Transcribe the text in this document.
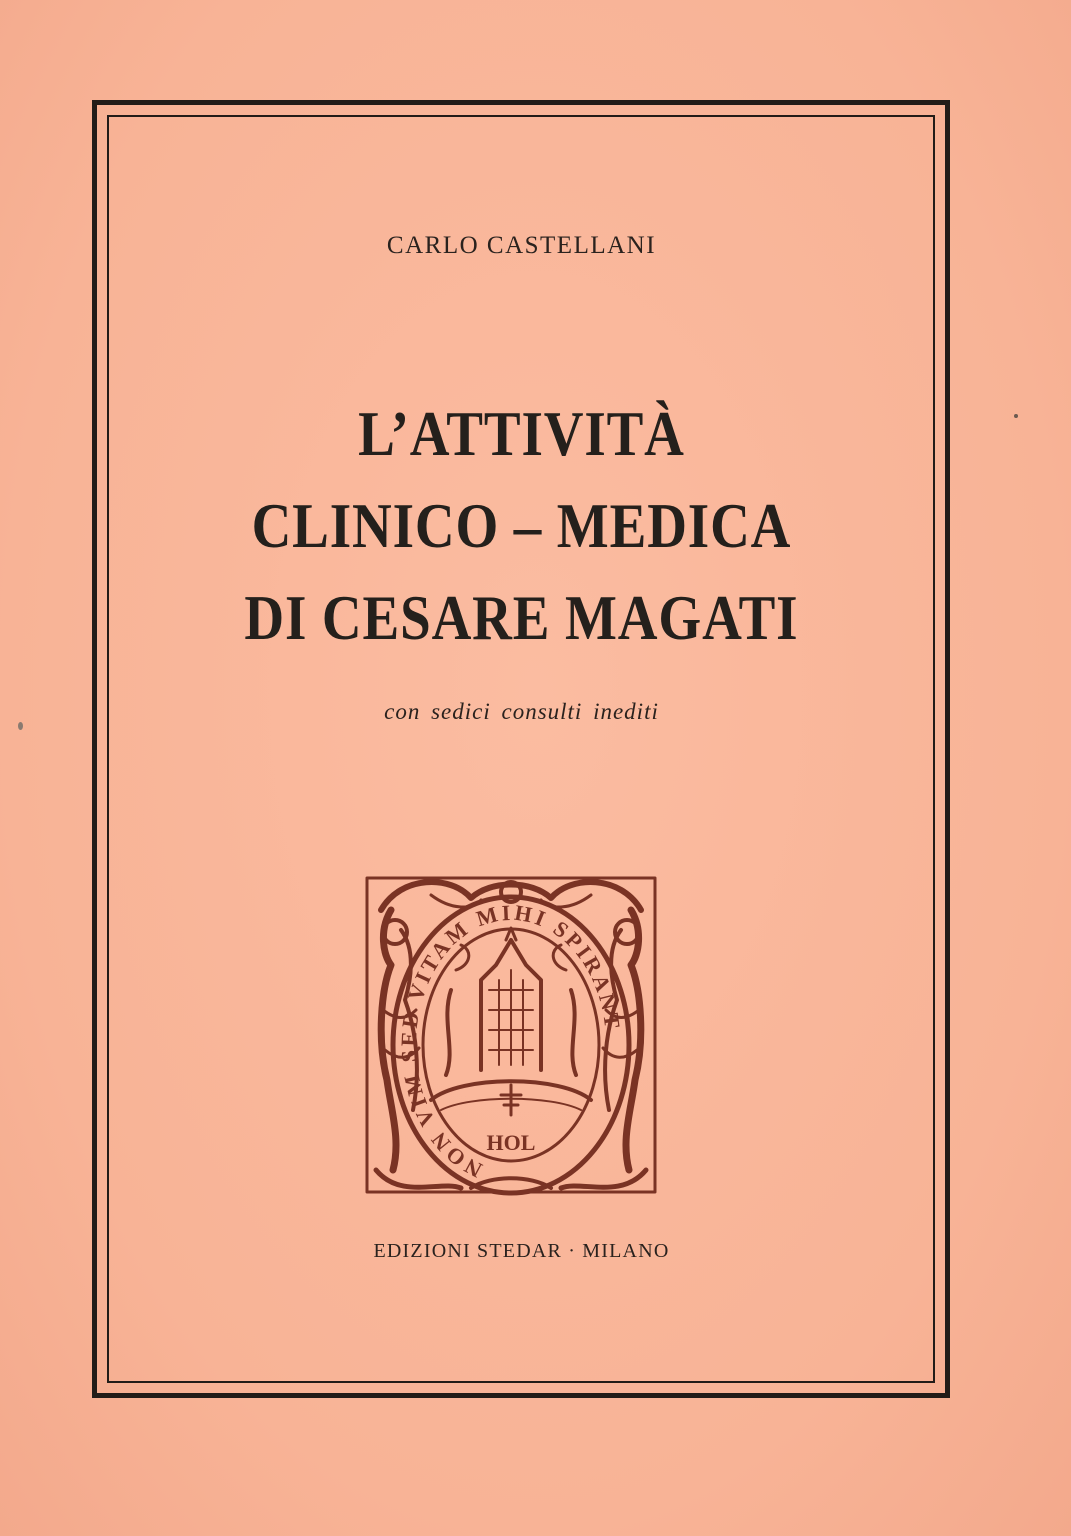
CARLO CASTELLANI
L’ATTIVITÀ
CLINICO – MEDICA
DI CESARE MAGATI
con sedici consulti inediti
NON VIM SED VITAM MIHI SPIRANT
HOL
EDIZIONI STEDAR · MILANO
